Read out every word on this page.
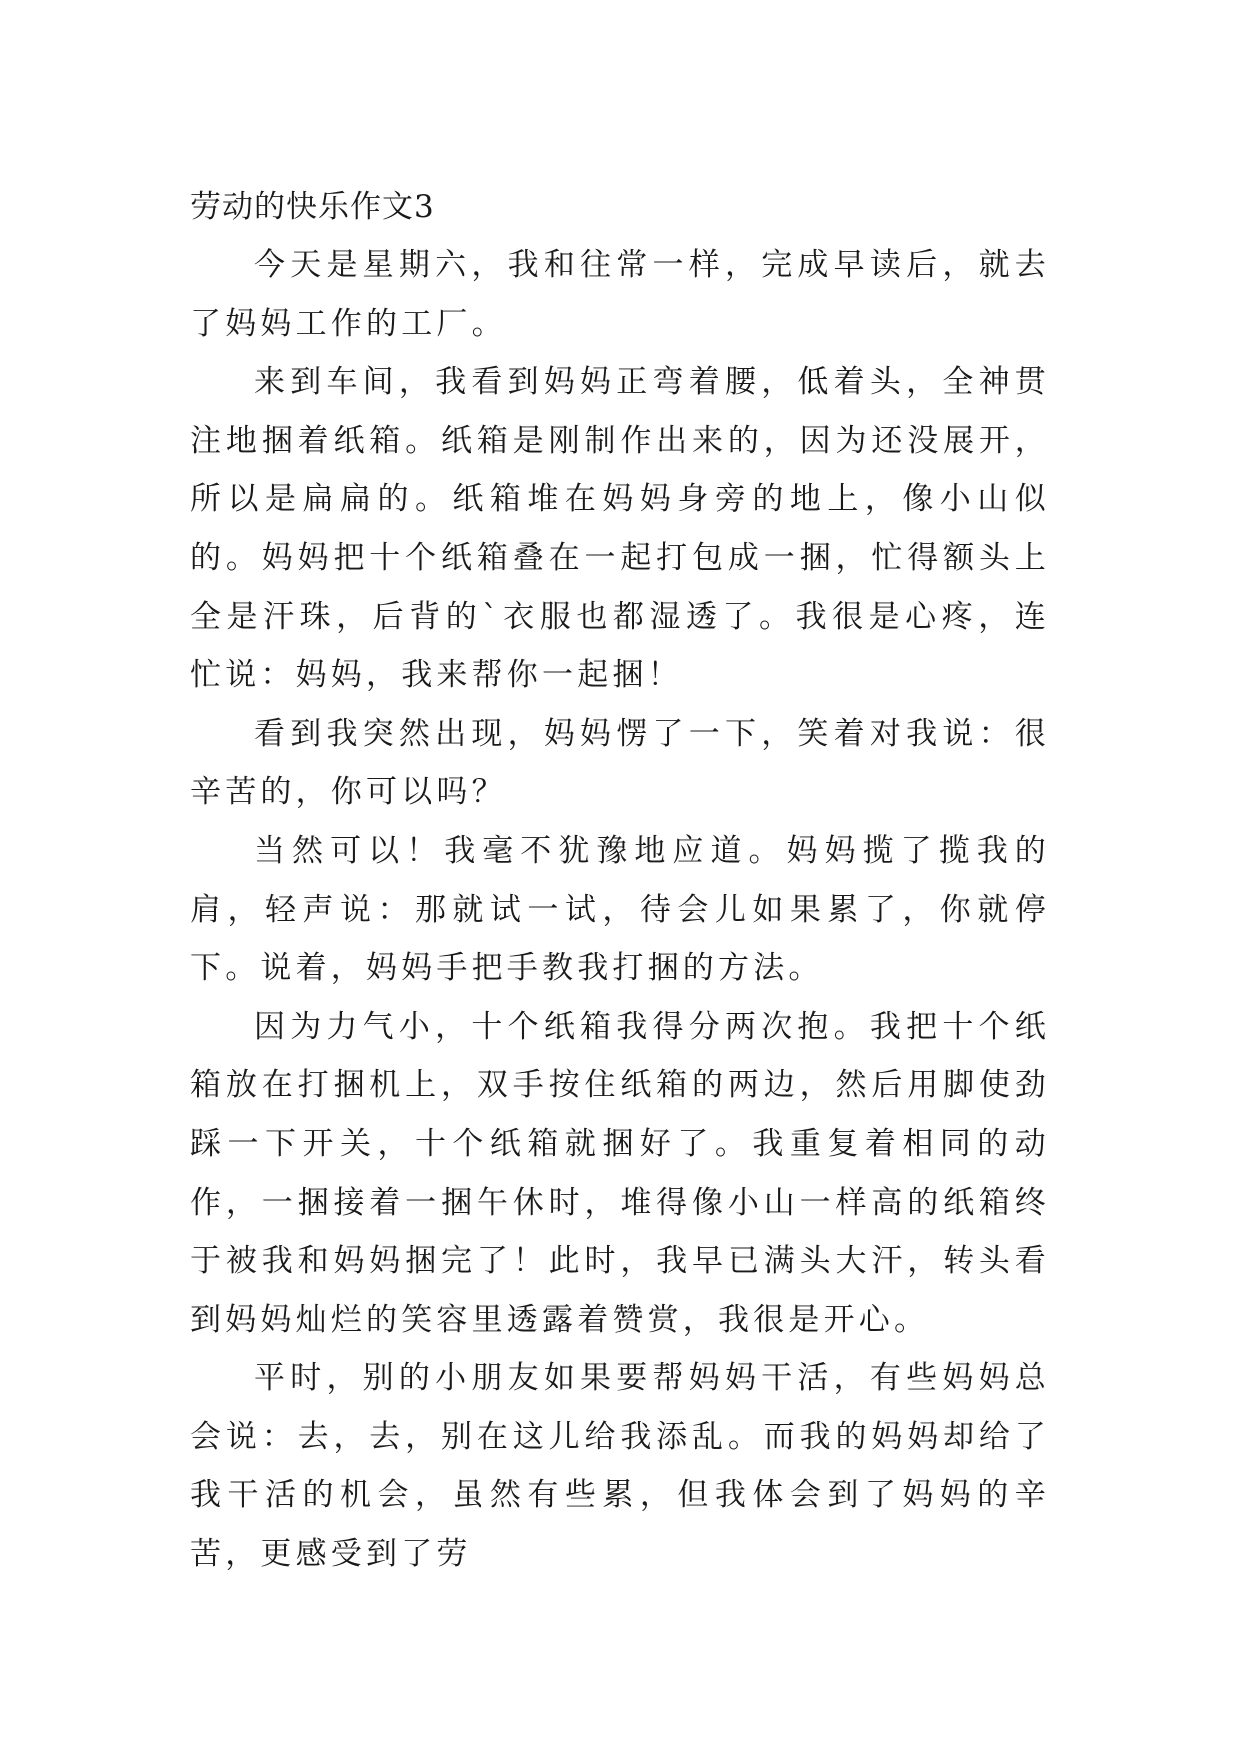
劳动的快乐作文3

今天是星期六，我和往常一样，完成早读后，就去了妈妈工作的工厂。

来到车间，我看到妈妈正弯着腰，低着头，全神贯注地捆着纸箱。纸箱是刚制作出来的，因为还没展开，所以是扁扁的。纸箱堆在妈妈身旁的地上，像小山似的。妈妈把十个纸箱叠在一起打包成一捆，忙得额头上全是汗珠，后背的`衣服也都湿透了。我很是心疼，连忙说：妈妈，我来帮你一起捆！

看到我突然出现，妈妈愣了一下，笑着对我说：很辛苦的，你可以吗？

当然可以！我毫不犹豫地应道。妈妈揽了揽我的肩，轻声说：那就试一试，待会儿如果累了，你就停下。说着，妈妈手把手教我打捆的方法。

因为力气小，十个纸箱我得分两次抱。我把十个纸箱放在打捆机上，双手按住纸箱的两边，然后用脚使劲踩一下开关，十个纸箱就捆好了。我重复着相同的动作，一捆接着一捆午休时，堆得像小山一样高的纸箱终于被我和妈妈捆完了！此时，我早已满头大汗，转头看到妈妈灿烂的笑容里透露着赞赏，我很是开心。

平时，别的小朋友如果要帮妈妈干活，有些妈妈总会说：去，去，别在这儿给我添乱。而我的妈妈却给了我干活的机会，虽然有些累，但我体会到了妈妈的辛苦，更感受到了劳
